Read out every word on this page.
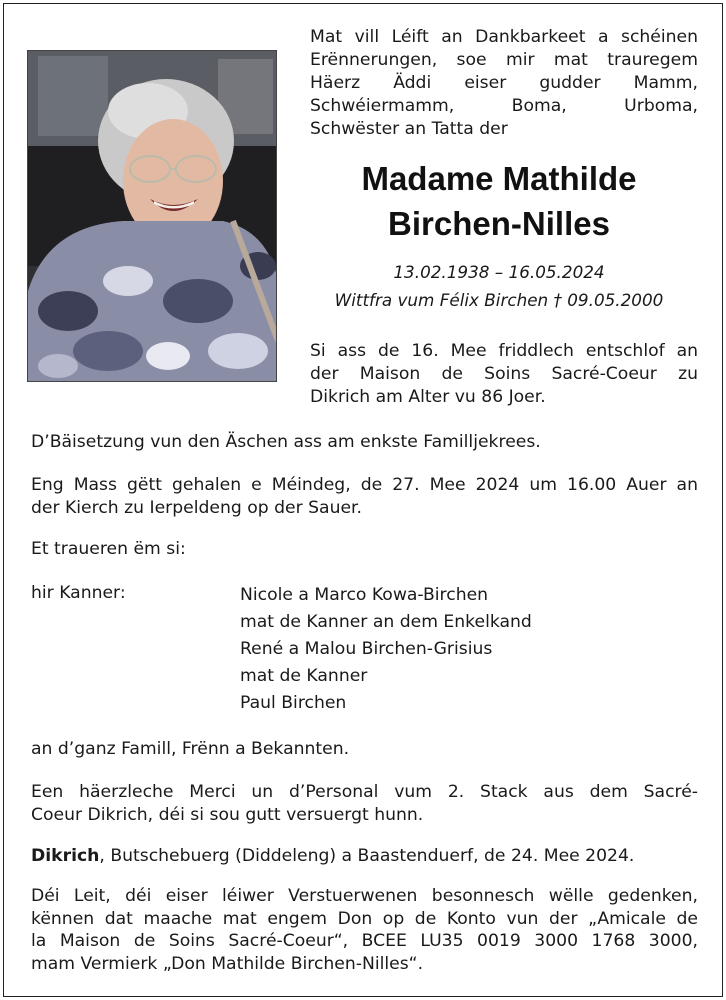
Mat vill Léift an Dankbarkeet a schéinen
Erënnerungen, soe mir mat trauregem
Häerz Äddi eiser gudder Mamm,
Schwéiermamm, Boma, Urboma,
Schwëster an Tatta der
Madame Mathilde
Birchen-Nilles
13.02.1938 – 16.05.2024
Wittfra vum Félix Birchen † 09.05.2000
Si ass de 16. Mee friddlech entschlof an
der Maison de Soins Sacré-Coeur zu
Dikrich am Alter vu 86 Joer.
D’Bäisetzung vun den Äschen ass am enkste Familljekrees.
Eng Mass gëtt gehalen e Méindeg, de 27. Mee 2024 um 16.00 Auer an
der Kierch zu Ierpeldeng op der Sauer.
Et traueren ëm si:
hir Kanner:	Nicole a Marco Kowa-Birchen
mat de Kanner an dem Enkelkand
René a Malou Birchen-Grisius
mat de Kanner
Paul Birchen
an d’ganz Famill, Frënn a Bekannten.
Een häerzleche Merci un d’Personal vum 2. Stack aus dem Sacré-
Coeur Dikrich, déi si sou gutt versuergt hunn.
Dikrich, Butschebuerg (Diddeleng) a Baastenduerf, de 24. Mee 2024.
Déi Leit, déi eiser léiwer Verstuerwenen besonnesch wëlle gedenken,
kënnen dat maache mat engem Don op de Konto vun der „Amicale de
la Maison de Soins Sacré-Coeur“, BCEE LU35 0019 3000 1768 3000,
mam Vermierk „Don Mathilde Birchen-Nilles“.
